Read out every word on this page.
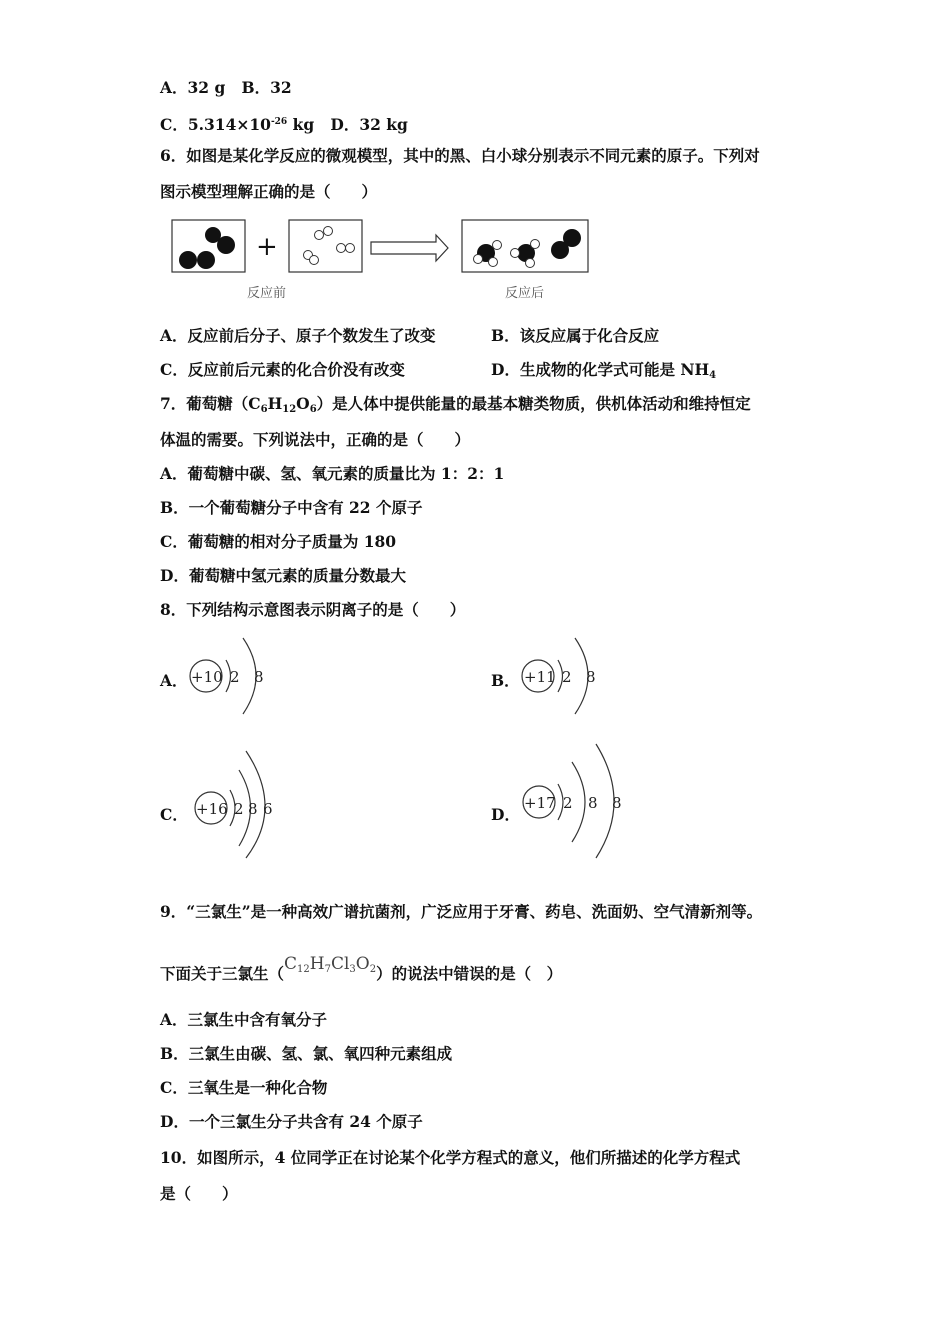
A．32 g B．32
C．$5.314\times 10^{-26}$ kg D．32 kg
6．如图是某化学反应的微观模型，其中的黑、白小球分别表示不同元素的原子。下列对
图示模型理解正确的是（　　）
+
反应前	反应后
A．反应前后分子、原子个数发生了改变	B．该反应属于化合反应
C．反应前后元素的化合价没有改变	D．生成物的化学式可能是 $NH_4$
7．葡萄糖$(C_6H_{12}O_6)$是人体中提供能量的最基本糖类物质，供机体活动和维持恒定
体温的需要。下列说法中，正确的是（　　）
A．葡萄糖中碳、氢、氧元素的质量比为 1：2：1
B．一个葡萄糖分子中含有 22 个原子
C．葡萄糖的相对分子质量为 180
D．葡萄糖中氢元素的质量分数最大
8．下列结构示意图表示阴离子的是（　　）
A． +10 2 8	B． +11 2 8
C． +16 2 8 6	D．
+17 2 8 8
9．“三氯生”是一种高效广谱抗菌剂，广泛应用于牙膏、药皂、洗面奶、空气清新剂等。
下面关于三氯生$(C_{12}H_7Cl_3O_2)$的说法中错误的是（　）
A．三氯生中含有氧分子
B．三氯生由碳、氢、氯、氧四种元素组成
C．三氧生是一种化合物
D．一个三氯生分子共含有 24 个原子
10．如图所示，4 位同学正在讨论某个化学方程式的意义，他们所描述的化学方程式
是（　　）
